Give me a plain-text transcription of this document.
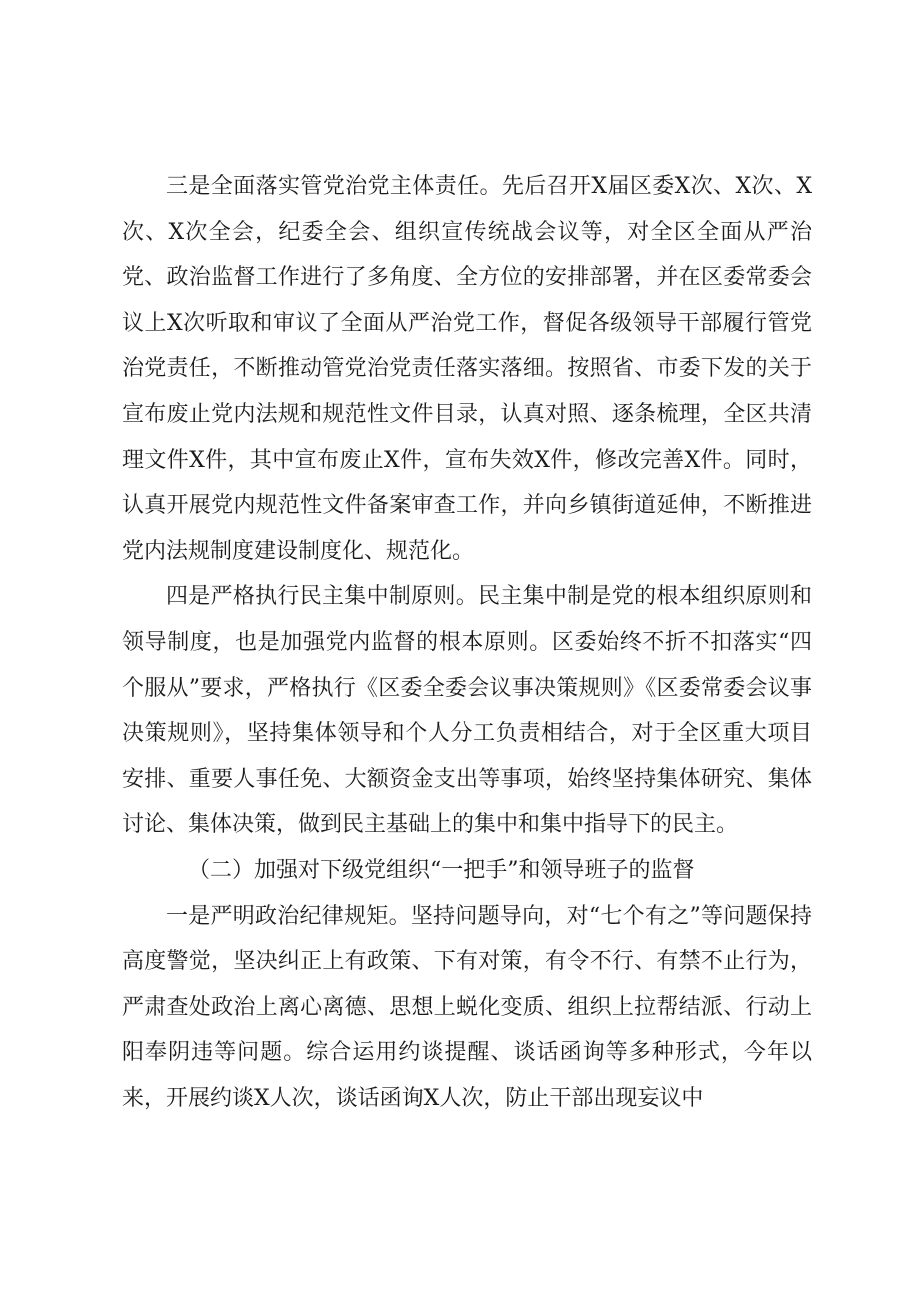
三是全面落实管党治党主体责任。先后召开X届区委X次、X次、X次、X次全会，纪委全会、组织宣传统战会议等，对全区全面从严治党、政治监督工作进行了多角度、全方位的安排部署，并在区委常委会议上X次听取和审议了全面从严治党工作，督促各级领导干部履行管党治党责任，不断推动管党治党责任落实落细。按照省、市委下发的关于宣布废止党内法规和规范性文件目录，认真对照、逐条梳理，全区共清理文件X件，其中宣布废止X件，宣布失效X件，修改完善X件。同时，认真开展党内规范性文件备案审查工作，并向乡镇街道延伸，不断推进党内法规制度建设制度化、规范化。

四是严格执行民主集中制原则。民主集中制是党的根本组织原则和领导制度，也是加强党内监督的根本原则。区委始终不折不扣落实“四个服从”要求，严格执行《区委全委会议事决策规则》《区委常委会议事决策规则》，坚持集体领导和个人分工负责相结合，对于全区重大项目安排、重要人事任免、大额资金支出等事项，始终坚持集体研究、集体讨论、集体决策，做到民主基础上的集中和集中指导下的民主。

（二）加强对下级党组织“一把手”和领导班子的监督

一是严明政治纪律规矩。坚持问题导向，对“七个有之”等问题保持高度警觉，坚决纠正上有政策、下有对策，有令不行、有禁不止行为，严肃查处政治上离心离德、思想上蜕化变质、组织上拉帮结派、行动上阳奉阴违等问题。综合运用约谈提醒、谈话函询等多种形式，今年以来，开展约谈X人次，谈话函询X人次，防止干部出现妄议中
